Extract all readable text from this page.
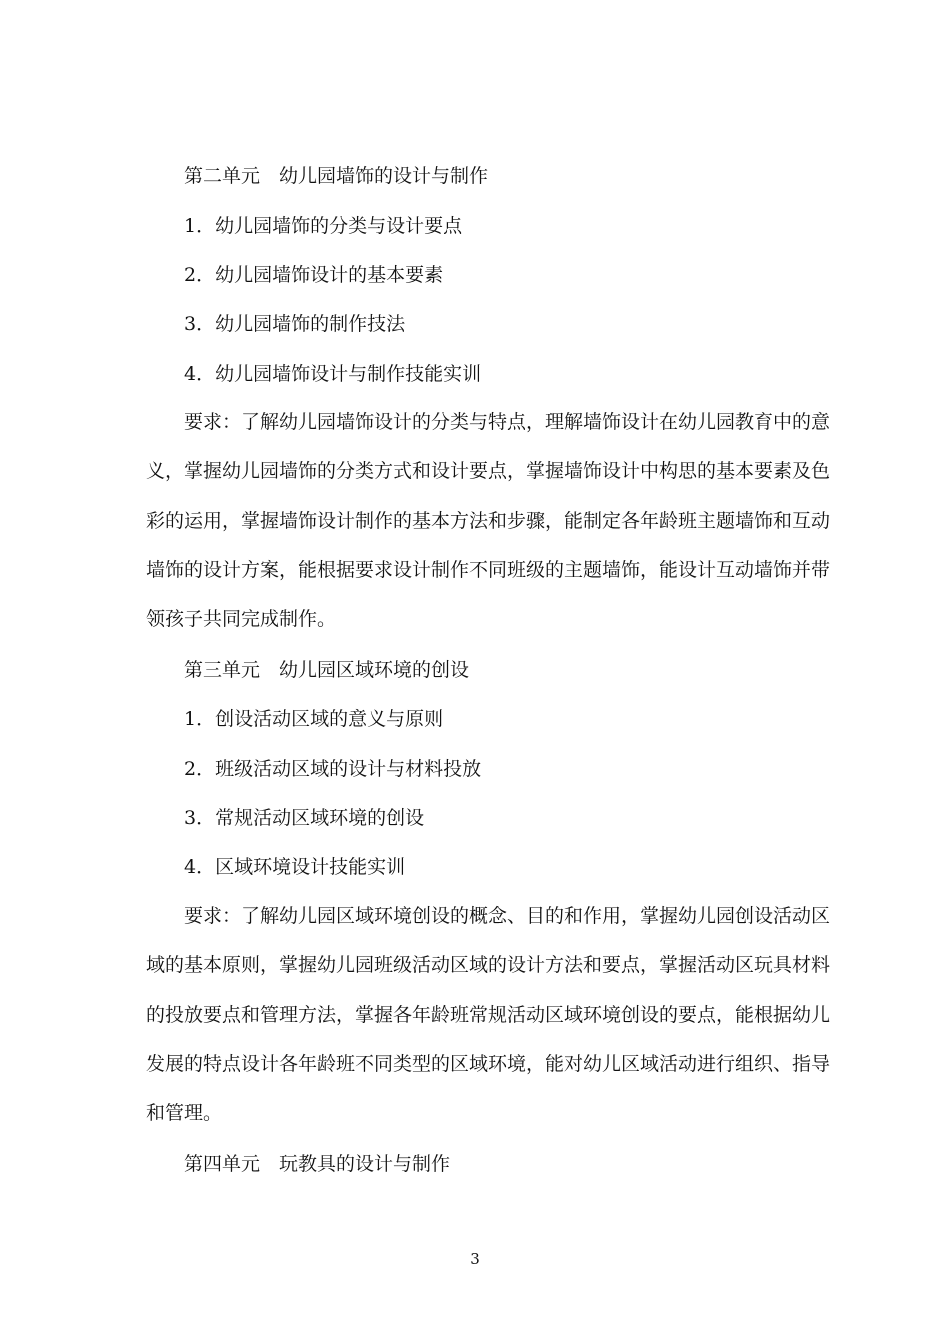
第二单元　幼儿园墙饰的设计与制作
1．幼儿园墙饰的分类与设计要点
2．幼儿园墙饰设计的基本要素
3．幼儿园墙饰的制作技法
4．幼儿园墙饰设计与制作技能实训
要求：了解幼儿园墙饰设计的分类与特点，理解墙饰设计在幼儿园教育中的意义，掌握幼儿园墙饰的分类方式和设计要点，掌握墙饰设计中构思的基本要素及色彩的运用，掌握墙饰设计制作的基本方法和步骤，能制定各年龄班主题墙饰和互动墙饰的设计方案，能根据要求设计制作不同班级的主题墙饰，能设计互动墙饰并带领孩子共同完成制作。
第三单元　幼儿园区域环境的创设
1．创设活动区域的意义与原则
2．班级活动区域的设计与材料投放
3．常规活动区域环境的创设
4．区域环境设计技能实训
要求：了解幼儿园区域环境创设的概念、目的和作用，掌握幼儿园创设活动区域的基本原则，掌握幼儿园班级活动区域的设计方法和要点，掌握活动区玩具材料的投放要点和管理方法，掌握各年龄班常规活动区域环境创设的要点，能根据幼儿发展的特点设计各年龄班不同类型的区域环境，能对幼儿区域活动进行组织、指导和管理。
第四单元　玩教具的设计与制作
3
